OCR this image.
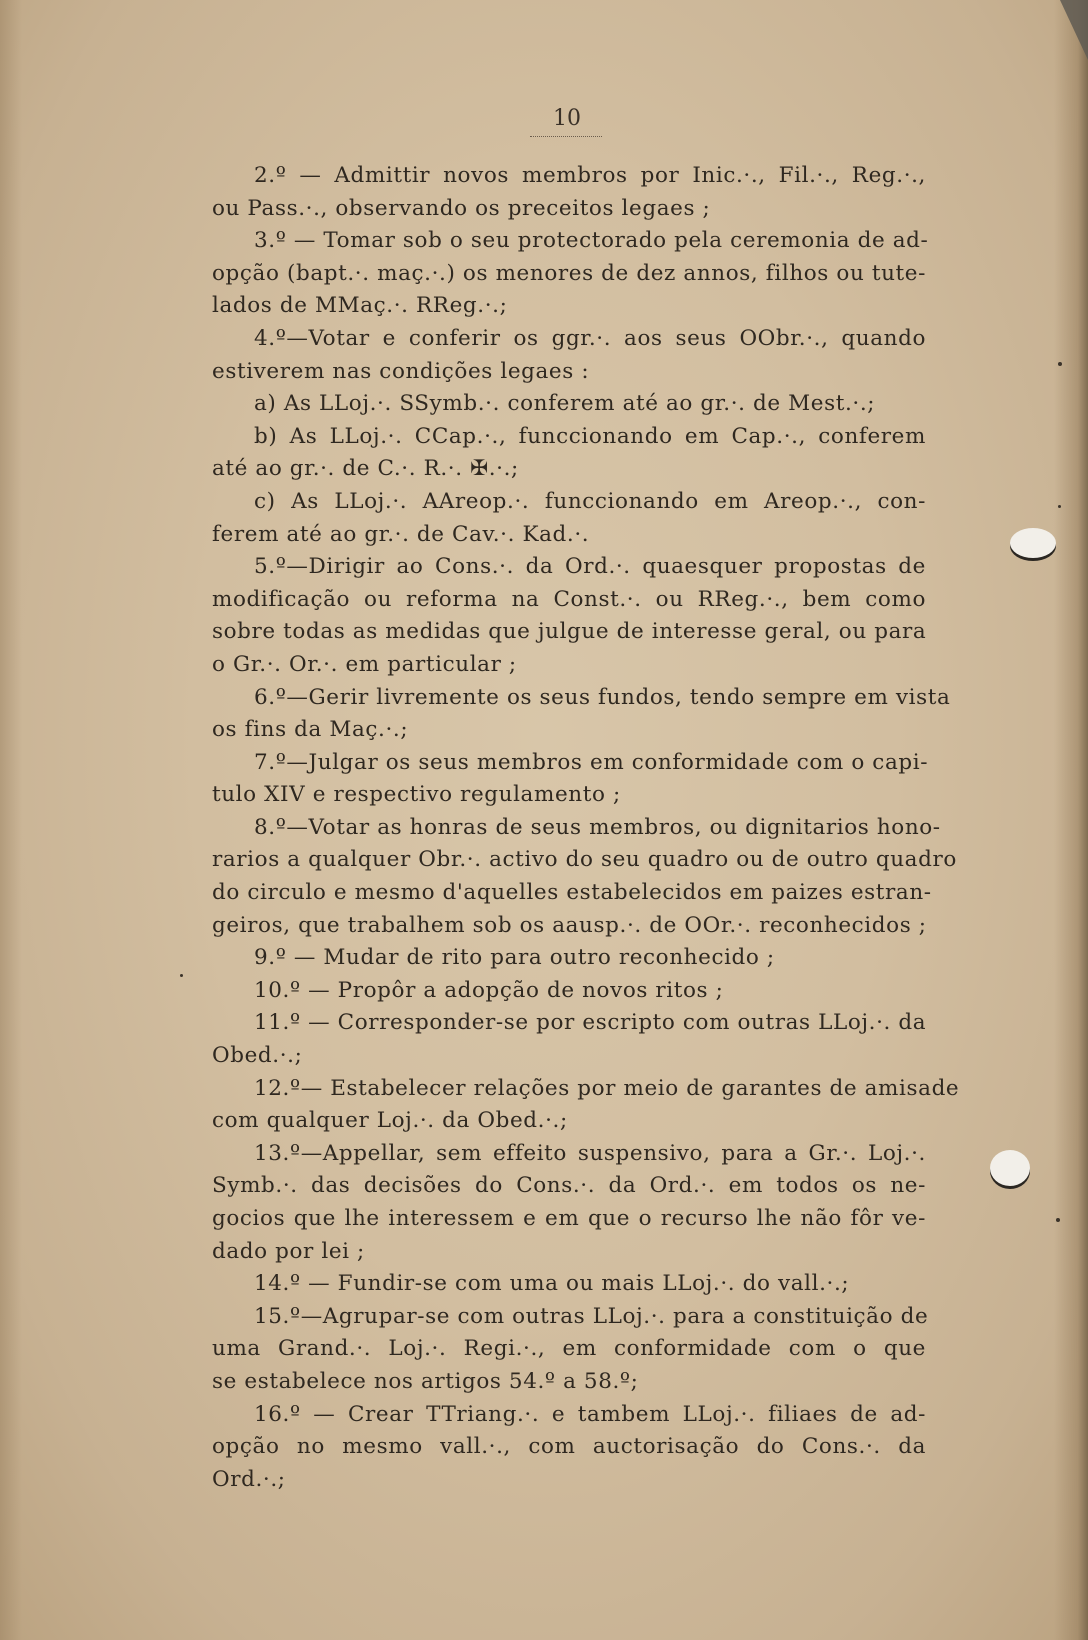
10
2.º — Admittir novos membros por Inic.·., Fil.·., Reg.·.,
ou Pass.·., observando os preceitos legaes ;
3.º — Tomar sob o seu protectorado pela ceremonia de ad-
opção (bapt.·. maç.·.) os menores de dez annos, filhos ou tute-
lados de MMaç.·. RReg.·.;
4.º—Votar e conferir os ggr.·. aos seus OObr.·., quando
estiverem nas condições legaes :
a) As LLoj.·. SSymb.·. conferem até ao gr.·. de Mest.·.;
b) As LLoj.·. CCap.·., funccionando em Cap.·., conferem
até ao gr.·. de C.·. R.·. ✠.·.;
c) As LLoj.·. AAreop.·. funccionando em Areop.·., con-
ferem até ao gr.·. de Cav.·. Kad.·.
5.º—Dirigir ao Cons.·. da Ord.·. quaesquer propostas de
modificação ou reforma na Const.·. ou RReg.·., bem como
sobre todas as medidas que julgue de interesse geral, ou para
o Gr.·. Or.·. em particular ;
6.º—Gerir livremente os seus fundos, tendo sempre em vista
os fins da Maç.·.;
7.º—Julgar os seus membros em conformidade com o capi-
tulo XIV e respectivo regulamento ;
8.º—Votar as honras de seus membros, ou dignitarios hono-
rarios a qualquer Obr.·. activo do seu quadro ou de outro quadro
do circulo e mesmo d'aquelles estabelecidos em paizes estran-
geiros, que trabalhem sob os aausp.·. de OOr.·. reconhecidos ;
9.º — Mudar de rito para outro reconhecido ;
10.º — Propôr a adopção de novos ritos ;
11.º — Corresponder-se por escripto com outras LLoj.·. da
Obed.·.;
12.º— Estabelecer relações por meio de garantes de amisade
com qualquer Loj.·. da Obed.·.;
13.º—Appellar, sem effeito suspensivo, para a Gr.·. Loj.·.
Symb.·. das decisões do Cons.·. da Ord.·. em todos os ne-
gocios que lhe interessem e em que o recurso lhe não fôr ve-
dado por lei ;
14.º — Fundir-se com uma ou mais LLoj.·. do vall.·.;
15.º—Agrupar-se com outras LLoj.·. para a constituição de
uma Grand.·. Loj.·. Regi.·., em conformidade com o que
se estabelece nos artigos 54.º a 58.º;
16.º — Crear TTriang.·. e tambem LLoj.·. filiaes de ad-
opção no mesmo vall.·., com auctorisação do Cons.·. da
Ord.·.;
